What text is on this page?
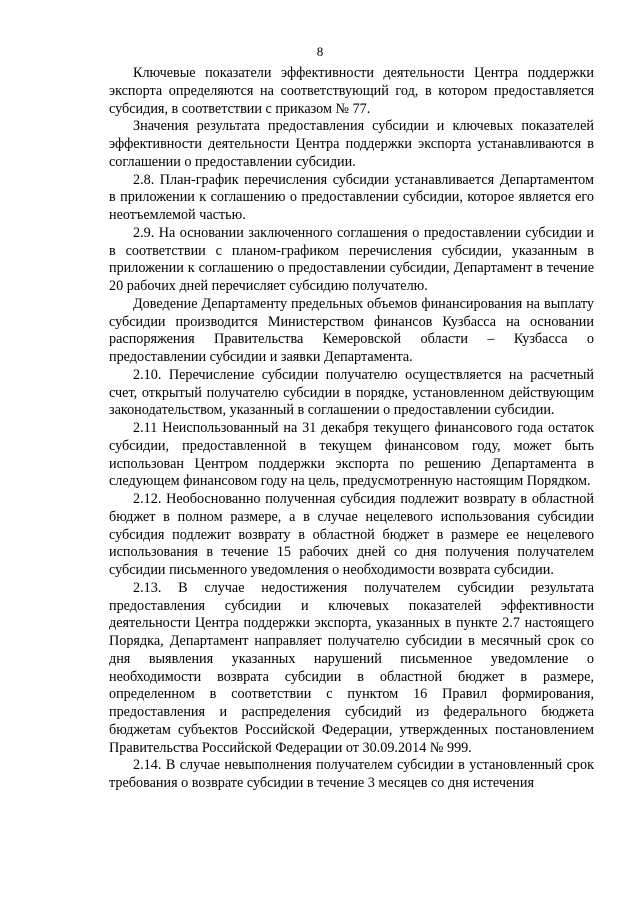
8

Ключевые показатели эффективности деятельности Центра поддержки экспорта определяются на соответствующий год, в котором предоставляется субсидия, в соответствии с приказом № 77.

Значения результата предоставления субсидии и ключевых показателей эффективности деятельности Центра поддержки экспорта устанавливаются в соглашении о предоставлении субсидии.

2.8. План-график перечисления субсидии устанавливается Департаментом в приложении к соглашению о предоставлении субсидии, которое является его неотъемлемой частью.

2.9. На основании заключенного соглашения о предоставлении субсидии и в соответствии с планом-графиком перечисления субсидии, указанным в приложении к соглашению о предоставлении субсидии, Департамент в течение 20 рабочих дней перечисляет субсидию получателю.

Доведение Департаменту предельных объемов финансирования на выплату субсидии производится Министерством финансов Кузбасса на основании распоряжения Правительства Кемеровской области – Кузбасса о предоставлении субсидии и заявки Департамента.

2.10. Перечисление субсидии получателю осуществляется на расчетный счет, открытый получателю субсидии в порядке, установленном действующим законодательством, указанный в соглашении о предоставлении субсидии.

2.11 Неиспользованный на 31 декабря текущего финансового года остаток субсидии, предоставленной в текущем финансовом году, может быть использован Центром поддержки экспорта по решению Департамента в следующем финансовом году на цель, предусмотренную настоящим Порядком.

2.12. Необоснованно полученная субсидия подлежит возврату в областной бюджет в полном размере, а в случае нецелевого использования субсидии субсидия подлежит возврату в областной бюджет в размере ее нецелевого использования в течение 15 рабочих дней со дня получения получателем субсидии письменного уведомления о необходимости возврата субсидии.

2.13. В случае недостижения получателем субсидии результата предоставления субсидии и ключевых показателей эффективности деятельности Центра поддержки экспорта, указанных в пункте 2.7 настоящего Порядка, Департамент направляет получателю субсидии в месячный срок со дня выявления указанных нарушений письменное уведомление о необходимости возврата субсидии в областной бюджет в размере, определенном в соответствии с пунктом 16 Правил формирования, предоставления и распределения субсидий из федерального бюджета бюджетам субъектов Российской Федерации, утвержденных постановлением Правительства Российской Федерации от 30.09.2014 № 999.

2.14. В случае невыполнения получателем субсидии в установленный срок требования о возврате субсидии в течение 3 месяцев со дня истечения
